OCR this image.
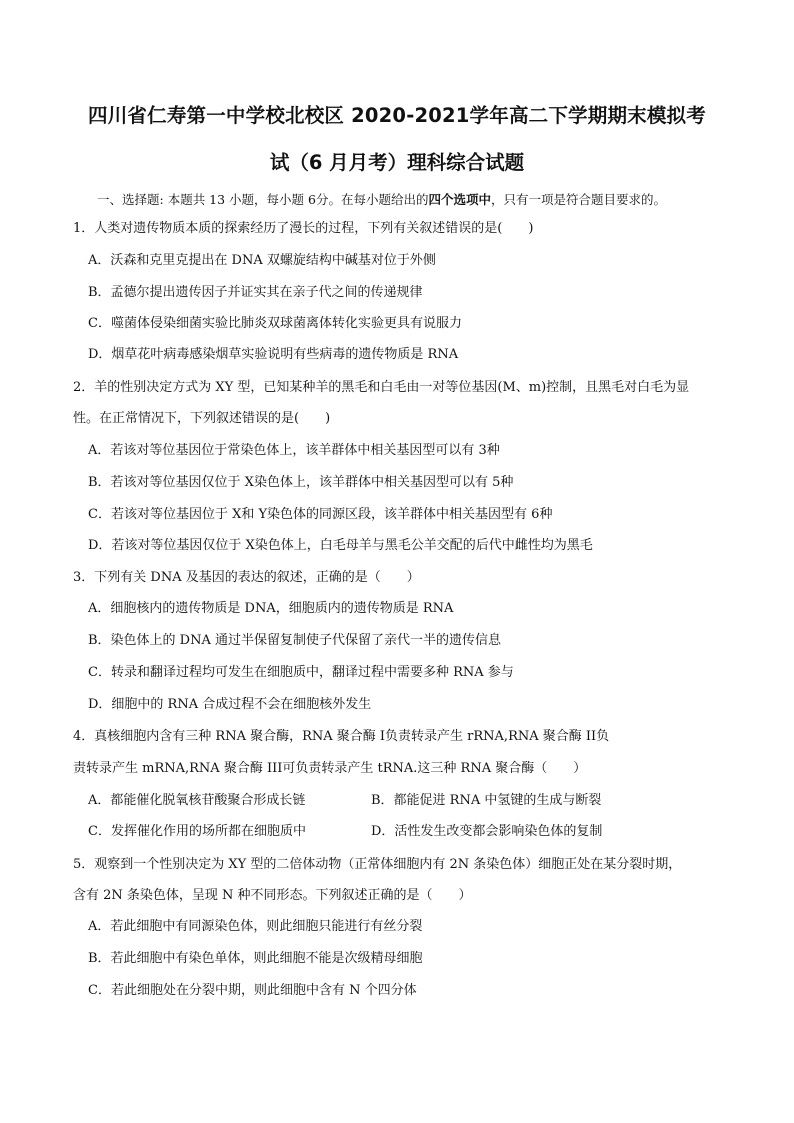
四川省仁寿第一中学校北校区 2020-2021学年高二下学期期末模拟考
试（6 月月考）理科综合试题
一、选择题: 本题共 13 小题，每小题 6分。在每小题给出的四个选项中，只有一项是符合题目要求的。
1．人类对遗传物质本质的探索经历了漫长的过程，下列有关叙述错误的是(　　)
A．沃森和克里克提出在 DNA 双螺旋结构中碱基对位于外侧
B．孟德尔提出遗传因子并证实其在亲子代之间的传递规律
C．噬菌体侵染细菌实验比肺炎双球菌离体转化实验更具有说服力
D．烟草花叶病毒感染烟草实验说明有些病毒的遗传物质是 RNA
2．羊的性别决定方式为 XY 型，已知某种羊的黑毛和白毛由一对等位基因(M、m)控制，且黑毛对白毛为显
性。在正常情况下，下列叙述错误的是(　　)
A．若该对等位基因位于常染色体上，该羊群体中相关基因型可以有 3种
B．若该对等位基因仅位于 X染色体上，该羊群体中相关基因型可以有 5种
C．若该对等位基因位于 X和 Y染色体的同源区段，该羊群体中相关基因型有 6种
D．若该对等位基因仅位于 X染色体上，白毛母羊与黑毛公羊交配的后代中雌性均为黑毛
3．下列有关 DNA 及基因的表达的叙述，正确的是（　　）
A．细胞核内的遗传物质是 DNA，细胞质内的遗传物质是 RNA
B．染色体上的 DNA 通过半保留复制使子代保留了亲代一半的遗传信息
C．转录和翻译过程均可发生在细胞质中，翻译过程中需要多种 RNA 参与
D．细胞中的 RNA 合成过程不会在细胞核外发生
4．真核细胞内含有三种 RNA 聚合酶，RNA 聚合酶 I负责转录产生 rRNA,RNA 聚合酶 II负
责转录产生 mRNA,RNA 聚合酶 III可负责转录产生 tRNA.这三种 RNA 聚合酶（　　）
A．都能催化脱氧核苷酸聚合形成长链	B．都能促进 RNA 中氢键的生成与断裂
C．发挥催化作用的场所都在细胞质中	D．活性发生改变都会影响染色体的复制
5．观察到一个性别决定为 XY 型的二倍体动物（正常体细胞内有 2N 条染色体）细胞正处在某分裂时期，
含有 2N 条染色体，呈现 N 种不同形态。下列叙述正确的是（　　）
A．若此细胞中有同源染色体，则此细胞只能进行有丝分裂
B．若此细胞中有染色单体，则此细胞不能是次级精母细胞
C．若此细胞处在分裂中期，则此细胞中含有 N 个四分体
